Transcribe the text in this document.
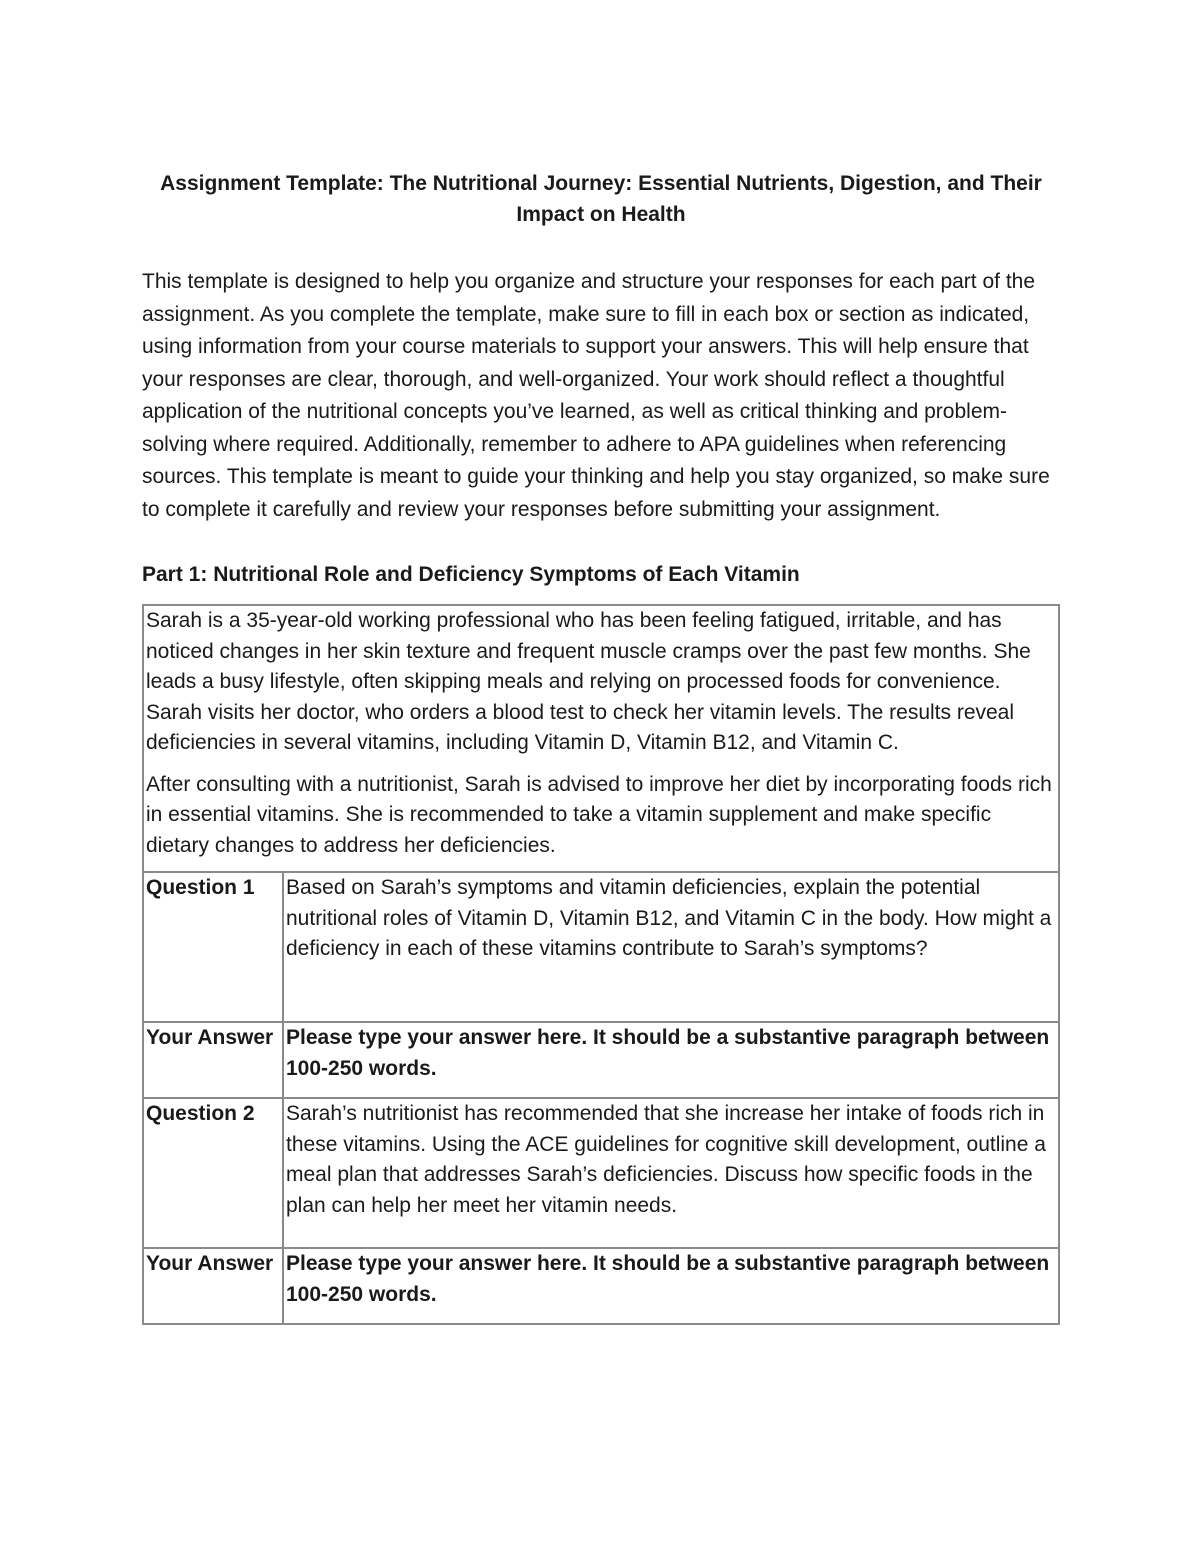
Assignment Template: The Nutritional Journey: Essential Nutrients, Digestion, and Their Impact on Health

This template is designed to help you organize and structure your responses for each part of the assignment. As you complete the template, make sure to fill in each box or section as indicated, using information from your course materials to support your answers. This will help ensure that your responses are clear, thorough, and well-organized. Your work should reflect a thoughtful application of the nutritional concepts you’ve learned, as well as critical thinking and problem-solving where required. Additionally, remember to adhere to APA guidelines when referencing sources. This template is meant to guide your thinking and help you stay organized, so make sure to complete it carefully and review your responses before submitting your assignment.

Part 1: Nutritional Role and Deficiency Symptoms of Each Vitamin

Sarah is a 35-year-old working professional who has been feeling fatigued, irritable, and has noticed changes in her skin texture and frequent muscle cramps over the past few months. She leads a busy lifestyle, often skipping meals and relying on processed foods for convenience. Sarah visits her doctor, who orders a blood test to check her vitamin levels. The results reveal deficiencies in several vitamins, including Vitamin D, Vitamin B12, and Vitamin C.

After consulting with a nutritionist, Sarah is advised to improve her diet by incorporating foods rich in essential vitamins. She is recommended to take a vitamin supplement and make specific dietary changes to address her deficiencies.	

Question 1	Based on Sarah’s symptoms and vitamin deficiencies, explain the potential nutritional roles of Vitamin D, Vitamin B12, and Vitamin C in the body. How might a deficiency in each of these vitamins contribute to Sarah’s symptoms?
Your Answer	Please type your answer here. It should be a substantive paragraph between 100-250 words.
Question 2	Sarah’s nutritionist has recommended that she increase her intake of foods rich in these vitamins. Using the ACE guidelines for cognitive skill development, outline a meal plan that addresses Sarah’s deficiencies. Discuss how specific foods in the plan can help her meet her vitamin needs.
Your Answer	Please type your answer here. It should be a substantive paragraph between 100-250 words.
